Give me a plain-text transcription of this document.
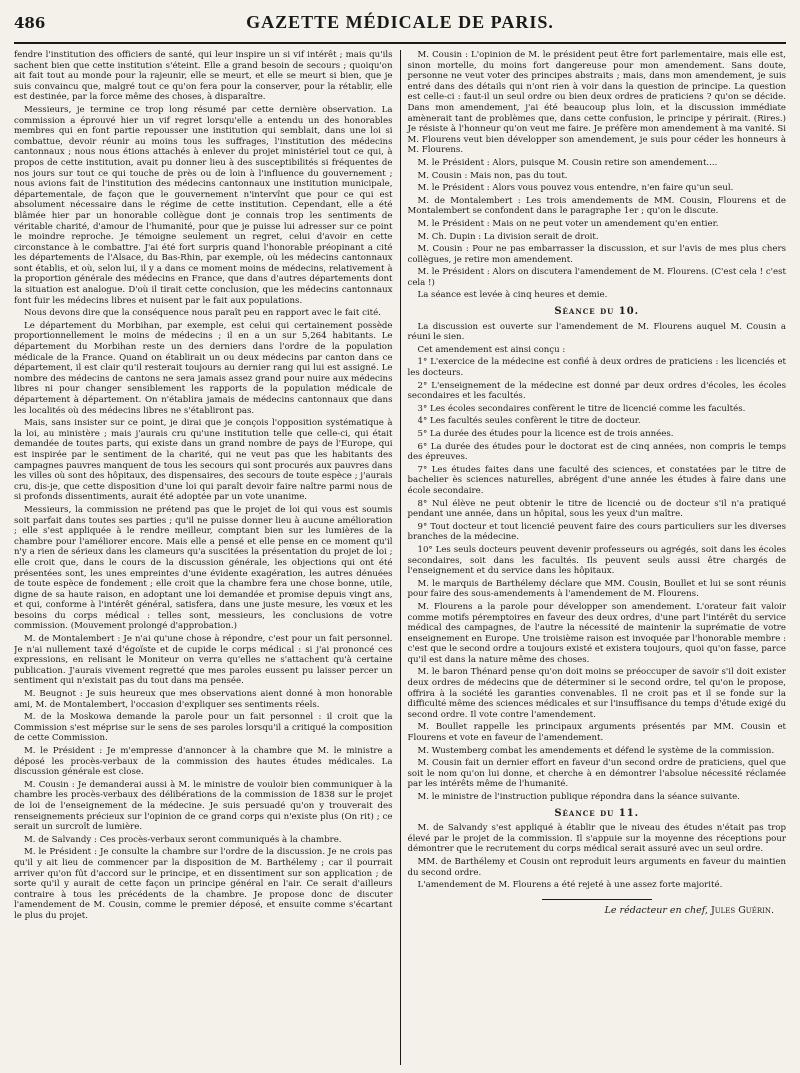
486	GAZETTE MÉDICALE DE PARIS.

fendre l'institution des officiers de santé, qui leur inspire un si vif intérêt ; mais qu'ils sachent bien que cette institution s'éteint. Elle a grand besoin de secours ; quoiqu'on ait fait tout au monde pour la rajeunir, elle se meurt, et elle se meurt si bien, que je suis convaincu que, malgré tout ce qu'on fera pour la conserver, pour la rétablir, elle est destinée, par la force même des choses, à disparaître.

Messieurs, je termine ce trop long résumé par cette dernière observation. La commission a éprouvé hier un vif regret lorsqu'elle a entendu un des honorables membres qui en font partie repousser une institution qui semblait, dans une loi si combattue, devoir réunir au moins tous les suffrages, l'institution des médecins cantonnaux ; nous nous étions attachés à enlever du projet ministériel tout ce qui, à propos de cette institution, avait pu donner lieu à des susceptibilités si fréquentes de nos jours sur tout ce qui touche de près ou de loin à l'influence du gouvernement ; nous avions fait de l'institution des médecins cantonnaux une institution municipale, départementale, de façon que le gouvernement n'intervînt que pour ce qui est absolument nécessaire dans le régime de cette institution. Cependant, elle a été blâmée hier par un honorable collègue dont je connais trop les sentiments de véritable charité, d'amour de l'humanité, pour que je puisse lui adresser sur ce point le moindre reproche. Je témoigne seulement un regret, celui d'avoir en cette circonstance à le combattre. J'ai été fort surpris quand l'honorable préopinant a cité les départements de l'Alsace, du Bas-Rhin, par exemple, où les médecins cantonnaux sont établis, et où, selon lui, il y a dans ce moment moins de médecins, relativement à la proportion générale des médecins en France, que dans d'autres départements dont la situation est analogue. D'où il tirait cette conclusion, que les médecins cantonnaux font fuir les médecins libres et nuisent par le fait aux populations.

Nous devons dire que la conséquence nous paraît peu en rapport avec le fait cité.

Le département du Morbihan, par exemple, est celui qui certainement possède proportionnellement le moins de médecins ; il en a un sur 5,264 habitants. Le département du Morbihan reste un des derniers dans l'ordre de la population médicale de la France. Quand on établirait un ou deux médecins par canton dans ce département, il est clair qu'il resterait toujours au dernier rang qui lui est assigné. Le nombre des médecins de cantons ne sera jamais assez grand pour nuire aux médecins libres ni pour changer sensiblement les rapports de la population médicale de département à département. On n'établira jamais de médecins cantonnaux que dans les localités où des médecins libres ne s'établiront pas.

Mais, sans insister sur ce point, je dirai que je conçois l'opposition systématique à la loi, au ministère ; mais j'aurais cru qu'une institution telle que celle-ci, qui était demandée de toutes parts, qui existe dans un grand nombre de pays de l'Europe, qui est inspirée par le sentiment de la charité, qui ne veut pas que les habitants des campagnes pauvres manquent de tous les secours qui sont procurés aux pauvres dans les villes où sont des hôpitaux, des dispensaires, des secours de toute espèce ; j'aurais cru, dis-je, que cette disposition d'une loi qui paraît devoir faire naître parmi nous de si profonds dissentiments, aurait été adoptée par un vote unanime.

Messieurs, la commission ne prétend pas que le projet de loi qui vous est soumis soit parfait dans toutes ses parties ; qu'il ne puisse donner lieu à aucune amélioration ; elle s'est appliquée à le rendre meilleur, comptant bien sur les lumières de la chambre pour l'améliorer encore. Mais elle a pensé et elle pense en ce moment qu'il n'y a rien de sérieux dans les clameurs qu'a suscitées la présentation du projet de loi ; elle croit que, dans le cours de la discussion générale, les objections qui ont été présentées sont, les unes empreintes d'une évidente exagération, les autres dénuées de toute espèce de fondement ; elle croit que la chambre fera une chose bonne, utile, digne de sa haute raison, en adoptant une loi demandée et promise depuis vingt ans, et qui, conforme à l'intérêt général, satisfera, dans une juste mesure, les vœux et les besoins du corps médical : telles sont, messieurs, les conclusions de votre commission. (Mouvement prolongé d'approbation.)

M. de Montalembert : Je n'ai qu'une chose à répondre, c'est pour un fait personnel. Je n'ai nullement taxé d'égoïste et de cupide le corps médical : si j'ai prononcé ces expressions, en relisant le Moniteur on verra qu'elles ne s'attachent qu'à certaine publication. J'aurais vivement regretté que mes paroles eussent pu laisser percer un sentiment qui n'existait pas du tout dans ma pensée.

M. Beugnot : Je suis heureux que mes observations aient donné à mon honorable ami, M. de Montalembert, l'occasion d'expliquer ses sentiments réels.

M. de la Moskowa demande la parole pour un fait personnel : il croit que la Commission s'est méprise sur le sens de ses paroles lorsqu'il a critiqué la composition de cette Commission.

M. le Président : Je m'empresse d'annoncer à la chambre que M. le ministre a déposé les procès-verbaux de la commission des hautes études médicales. La discussion générale est close.

M. Cousin : Je demanderai aussi à M. le ministre de vouloir bien communiquer à la chambre les procès-verbaux des délibérations de la commission de 1838 sur le projet de loi de l'enseignement de la médecine. Je suis persuadé qu'on y trouverait des renseignements précieux sur l'opinion de ce grand corps qui n'existe plus (On rit) ; ce serait un surcroît de lumière.

M. de Salvandy : Ces procès-verbaux seront communiqués à la chambre.

M. le Président : Je consulte la chambre sur l'ordre de la discussion. Je ne crois pas qu'il y ait lieu de commencer par la disposition de M. Barthélemy ; car il pourrait arriver qu'on fût d'accord sur le principe, et en dissentiment sur son application ; de sorte qu'il y aurait de cette façon un principe général en l'air. Ce serait d'ailleurs contraire à tous les précédents de la chambre. Je propose donc de discuter l'amendement de M. Cousin, comme le premier déposé, et ensuite comme s'écartant le plus du projet.

M. Cousin : L'opinion de M. le président peut être fort parlementaire, mais elle est, sinon mortelle, du moins fort dangereuse pour mon amendement. Sans doute, personne ne veut voter des principes abstraits ; mais, dans mon amendement, je suis entré dans des détails qui n'ont rien à voir dans la question de principe. La question est celle-ci : faut-il un seul ordre ou bien deux ordres de praticiens ? qu'on se décide. Dans mon amendement, j'ai été beaucoup plus loin, et la discussion immédiate amènerait tant de problèmes que, dans cette confusion, le principe y périrait. (Rires.) Je résiste à l'honneur qu'on veut me faire. Je préfère mon amendement à ma vanité. Si M. Flourens veut bien développer son amendement, je suis pour céder les honneurs à M. Flourens.

M. le Président : Alors, puisque M. Cousin retire son amendement....

M. Cousin : Mais non, pas du tout.

M. le Président : Alors vous pouvez vous entendre, n'en faire qu'un seul.

M. de Montalembert : Les trois amendements de MM. Cousin, Flourens et de Montalembert se confondent dans le paragraphe 1er ; qu'on le discute.

M. le Président : Mais on ne peut voter un amendement qu'en entier.

M. Ch. Dupin : La division serait de droit.

M. Cousin : Pour ne pas embarrasser la discussion, et sur l'avis de mes plus chers collègues, je retire mon amendement.

M. le Président : Alors on discutera l'amendement de M. Flourens. (C'est cela ! c'est cela !)

La séance est levée à cinq heures et demie.

Séance du 10.

La discussion est ouverte sur l'amendement de M. Flourens auquel M. Cousin a réuni le sien.

Cet amendement est ainsi conçu :

1° L'exercice de la médecine est confié à deux ordres de praticiens : les licenciés et les docteurs.

2° L'enseignement de la médecine est donné par deux ordres d'écoles, les écoles secondaires et les facultés.

3° Les écoles secondaires confèrent le titre de licencié comme les facultés.

4° Les facultés seules confèrent le titre de docteur.

5° La durée des études pour la licence est de trois années.

6° La durée des études pour le doctorat est de cinq années, non compris le temps des épreuves.

7° Les études faites dans une faculté des sciences, et constatées par le titre de bachelier ès sciences naturelles, abrégent d'une année les études à faire dans une école secondaire.

8° Nul élève ne peut obtenir le titre de licencié ou de docteur s'il n'a pratiqué pendant une année, dans un hôpital, sous les yeux d'un maître.

9° Tout docteur et tout licencié peuvent faire des cours particuliers sur les diverses branches de la médecine.

10° Les seuls docteurs peuvent devenir professeurs ou agrégés, soit dans les écoles secondaires, soit dans les facultés. Ils peuvent seuls aussi être chargés de l'enseignement et du service dans les hôpitaux.

M. le marquis de Barthélemy déclare que MM. Cousin, Boullet et lui se sont réunis pour faire des sous-amendements à l'amendement de M. Flourens.

M. Flourens a la parole pour développer son amendement. L'orateur fait valoir comme motifs péremptoires en faveur des deux ordres, d'une part l'intérêt du service médical des campagnes, de l'autre la nécessité de maintenir la suprématie de votre enseignement en Europe. Une troisième raison est invoquée par l'honorable membre : c'est que le second ordre a toujours existé et existera toujours, quoi qu'on fasse, parce qu'il est dans la nature même des choses.

M. le baron Thénard pense qu'on doit moins se préoccuper de savoir s'il doit exister deux ordres de médecins que de déterminer si le second ordre, tel qu'on le propose, offrira à la société les garanties convenables. Il ne croit pas et il se fonde sur la difficulté même des sciences médicales et sur l'insuffisance du temps d'étude exigé du second ordre. Il vote contre l'amendement.

M. Boullet rappelle les principaux arguments présentés par MM. Cousin et Flourens et vote en faveur de l'amendement.

M. Wustemberg combat les amendements et défend le système de la commission.

M. Cousin fait un dernier effort en faveur d'un second ordre de praticiens, quel que soit le nom qu'on lui donne, et cherche à en démontrer l'absolue nécessité réclamée par les intérêts même de l'humanité.

M. le ministre de l'instruction publique répondra dans la séance suivante.

Séance du 11.

M. de Salvandy s'est appliqué à établir que le niveau des études n'était pas trop élevé par le projet de la commission. Il s'appuie sur la moyenne des réceptions pour démontrer que le recrutement du corps médical serait assuré avec un seul ordre.

MM. de Barthélemy et Cousin ont reproduit leurs arguments en faveur du maintien du second ordre.

L'amendement de M. Flourens a été rejeté à une assez forte majorité.

Le rédacteur en chef, Jules Guérin.
